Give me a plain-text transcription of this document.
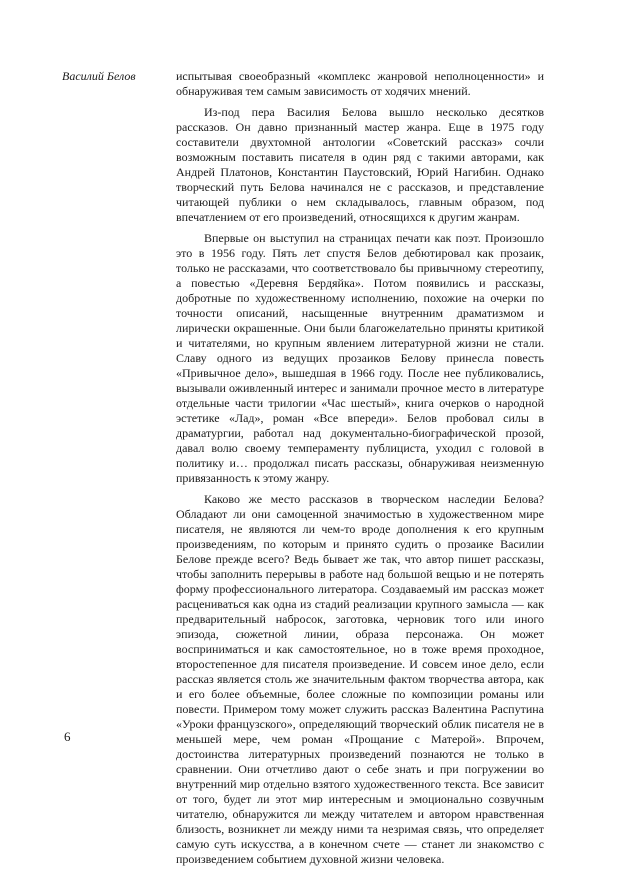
Василий Белов	испытывая своеобразный «комплекс жанровой неполноценности» и обнаруживая тем самым зависимость от ходячих мнений.

Из-под пера Василия Белова вышло несколько десятков рассказов. Он давно признанный мастер жанра. Еще в 1975 году составители двухтомной антологии «Советский рассказ» сочли возможным поставить писателя в один ряд с такими авторами, как Андрей Платонов, Константин Паустовский, Юрий Нагибин. Однако творческий путь Белова начинался не с рассказов, и представление читающей публики о нем складывалось, главным образом, под впечатлением от его произведений, относящихся к другим жанрам.

Впервые он выступил на страницах печати как поэт. Произошло это в 1956 году. Пять лет спустя Белов дебютировал как прозаик, только не рассказами, что соответствовало бы привычному стереотипу, а повестью «Деревня Бердяйка». Потом появились и рассказы, добротные по художественному исполнению, похожие на очерки по точности описаний, насыщенные внутренним драматизмом и лирически окрашенные. Они были благожелательно приняты критикой и читателями, но крупным явлением литературной жизни не стали. Славу одного из ведущих прозаиков Белову принесла повесть «Привычное дело», вышедшая в 1966 году. После нее публиковались, вызывали оживленный интерес и занимали прочное место в литературе отдельные части трилогии «Час шестый», книга очерков о народной эстетике «Лад», роман «Все впереди». Белов пробовал силы в драматургии, работал над документально-биографической прозой, давал волю своему темпераменту публициста, уходил с головой в политику и… продолжал писать рассказы, обнаруживая неизменную привязанность к этому жанру.

Каково же место рассказов в творческом наследии Белова? Обладают ли они самоценной значимостью в художественном мире писателя, не являются ли чем-то вроде дополнения к его крупным произведениям, по которым и принято судить о прозаике Василии Белове прежде всего? Ведь бывает же так, что автор пишет рассказы, чтобы заполнить перерывы в работе над большой вещью и не потерять форму профессионального литератора. Создаваемый им рассказ может расцениваться как одна из стадий реализации крупного замысла — как предварительный набросок, заготовка, черновик того или иного эпизода, сюжетной линии, образа персонажа. Он может восприниматься и как самостоятельное, но в тоже время проходное, второстепенное для писателя произведение. И совсем иное дело, если рассказ является столь же значительным фактом творчества автора, как и его более объемные, более сложные по композиции романы или повести. Примером тому может служить рассказ Валентина Распутина «Уроки французского», определяющий творческий облик писателя не в меньшей мере, чем роман «Прощание с Матерой». Впрочем, достоинства литературных произведений познаются не только в сравнении. Они отчетливо дают о себе знать и при погружении во внутренний мир отдельно взятого художественного текста. Все зависит от того, будет ли этот мир интересным и эмоционально созвучным читателю, обнаружится ли между читателем и автором нравственная близость, возникнет ли между ними та незримая связь, что определяет самую суть искусства, а в конечном счете — станет ли знакомство с произведением событием духовной жизни человека.

6
